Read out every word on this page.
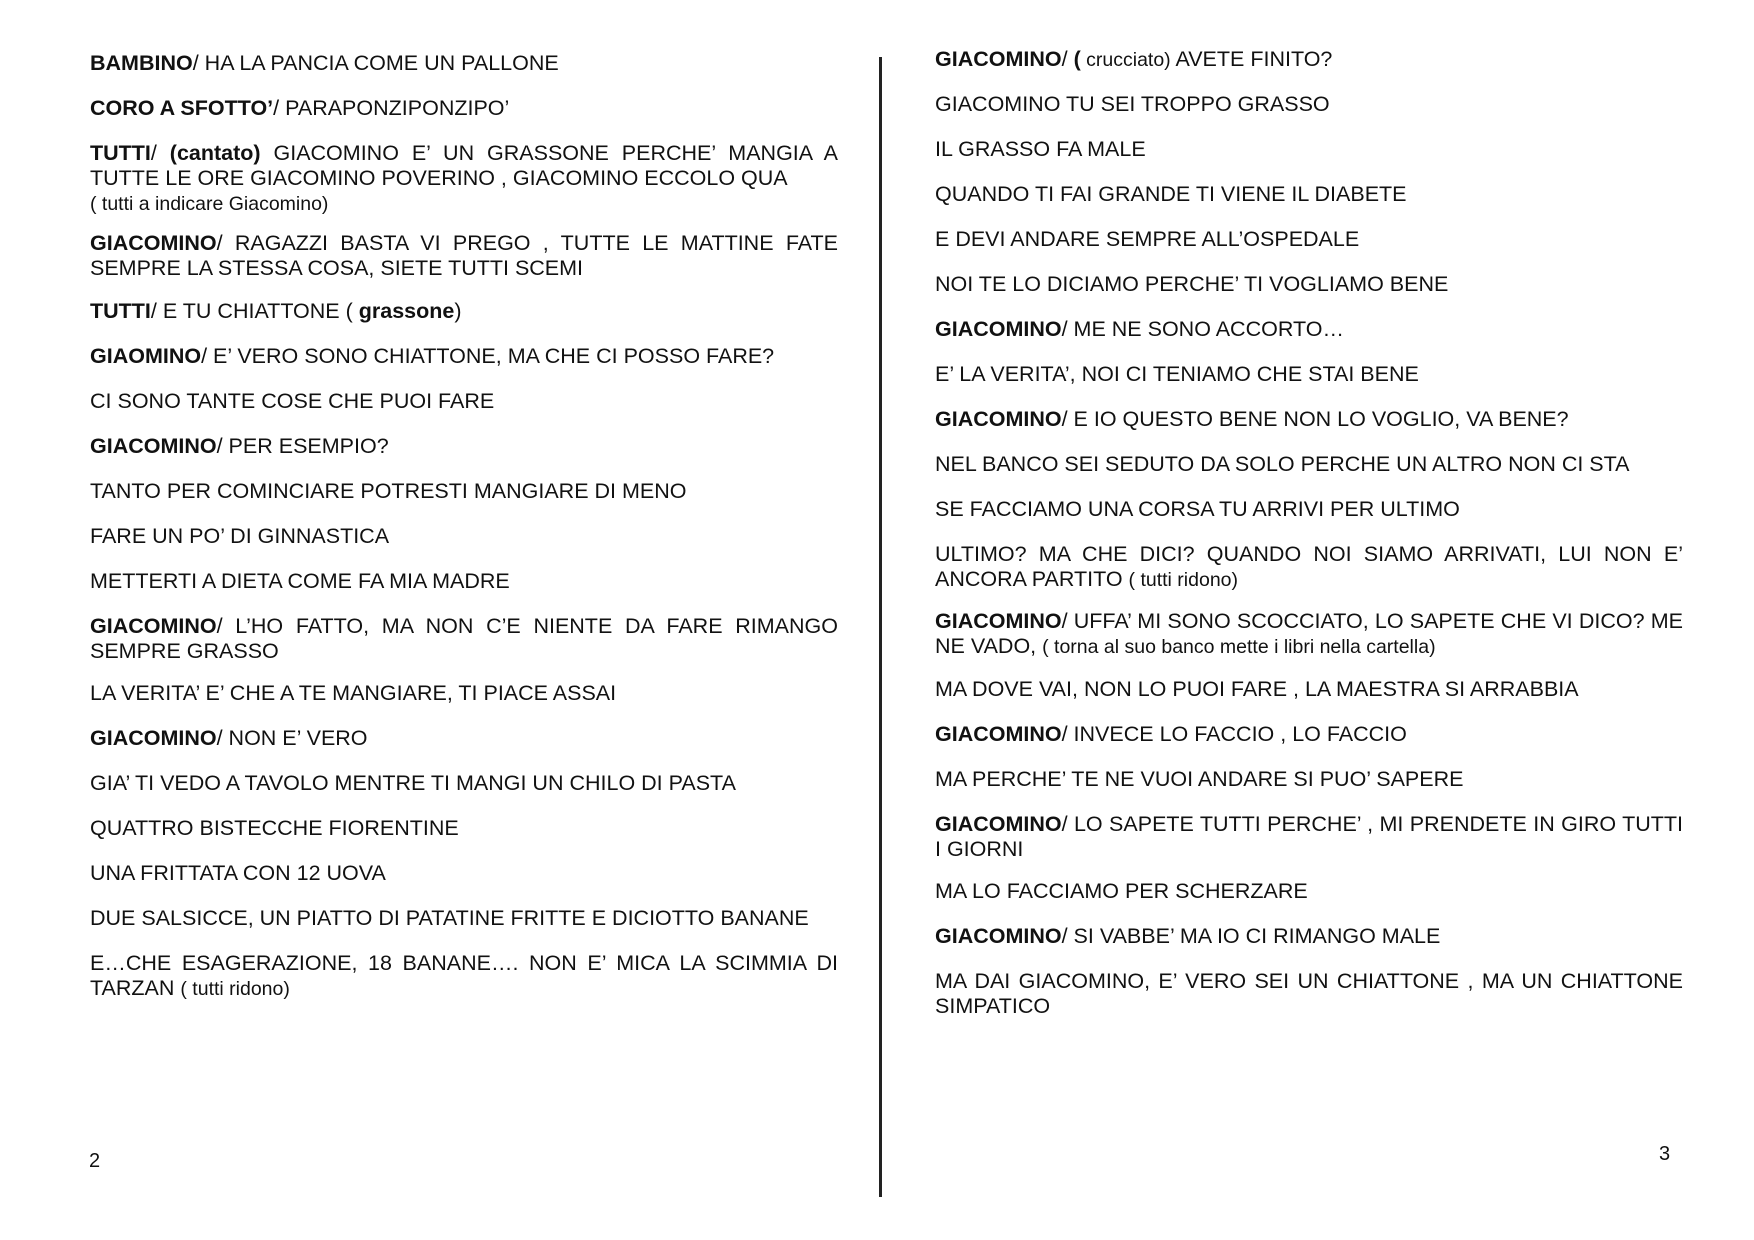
BAMBINO/ HA LA PANCIA COME UN PALLONE

CORO A SFOTTO’/ PARAPONZIPONZIPO’

TUTTI/ (cantato) GIACOMINO E’ UN GRASSONE PERCHE’ MANGIA A TUTTE LE ORE GIACOMINO POVERINO , GIACOMINO ECCOLO QUA
( tutti a indicare Giacomino)

GIACOMINO/ RAGAZZI BASTA VI PREGO , TUTTE LE MATTINE FATE SEMPRE LA STESSA COSA, SIETE TUTTI SCEMI

TUTTI/ E TU CHIATTONE ( grassone)

GIAOMINO/ E’ VERO SONO CHIATTONE, MA CHE CI POSSO FARE?

CI SONO TANTE COSE CHE PUOI FARE

GIACOMINO/ PER ESEMPIO?

TANTO PER COMINCIARE POTRESTI MANGIARE DI MENO

FARE UN PO’ DI GINNASTICA

METTERTI A DIETA COME FA MIA MADRE

GIACOMINO/ L’HO FATTO, MA NON C’E NIENTE DA FARE RIMANGO SEMPRE GRASSO

LA VERITA’ E’ CHE A TE MANGIARE, TI PIACE ASSAI

GIACOMINO/ NON E’ VERO

GIA’ TI VEDO A TAVOLO MENTRE TI MANGI UN CHILO DI PASTA

QUATTRO BISTECCHE FIORENTINE

UNA FRITTATA CON 12 UOVA

DUE SALSICCE, UN PIATTO DI PATATINE FRITTE E DICIOTTO BANANE

E…CHE ESAGERAZIONE, 18 BANANE…. NON E’ MICA LA SCIMMIA DI TARZAN ( tutti ridono)

2

GIACOMINO/ ( crucciato) AVETE FINITO?

GIACOMINO TU SEI TROPPO GRASSO

IL GRASSO FA MALE

QUANDO TI FAI GRANDE TI VIENE IL DIABETE

E DEVI ANDARE SEMPRE ALL’OSPEDALE

NOI TE LO DICIAMO PERCHE’ TI VOGLIAMO BENE

GIACOMINO/ ME NE SONO ACCORTO…

E’ LA VERITA’, NOI CI TENIAMO CHE STAI BENE

GIACOMINO/ E IO QUESTO BENE NON LO VOGLIO, VA BENE?

NEL BANCO SEI SEDUTO DA SOLO PERCHE UN ALTRO NON CI STA

SE FACCIAMO UNA CORSA TU ARRIVI PER ULTIMO

ULTIMO? MA CHE DICI? QUANDO NOI SIAMO ARRIVATI, LUI NON E’ ANCORA PARTITO ( tutti ridono)

GIACOMINO/ UFFA’ MI SONO SCOCCIATO, LO SAPETE CHE VI DICO? ME NE VADO, ( torna al suo banco mette i libri nella cartella)

MA DOVE VAI, NON LO PUOI FARE , LA MAESTRA SI ARRABBIA

GIACOMINO/ INVECE LO FACCIO , LO FACCIO

MA PERCHE’ TE NE VUOI ANDARE SI PUO’ SAPERE

GIACOMINO/ LO SAPETE TUTTI PERCHE’ , MI PRENDETE IN GIRO TUTTI I GIORNI

MA LO FACCIAMO PER SCHERZARE

GIACOMINO/ SI VABBE’ MA IO CI RIMANGO MALE

MA DAI GIACOMINO, E’ VERO SEI UN CHIATTONE , MA UN CHIATTONE SIMPATICO

3
